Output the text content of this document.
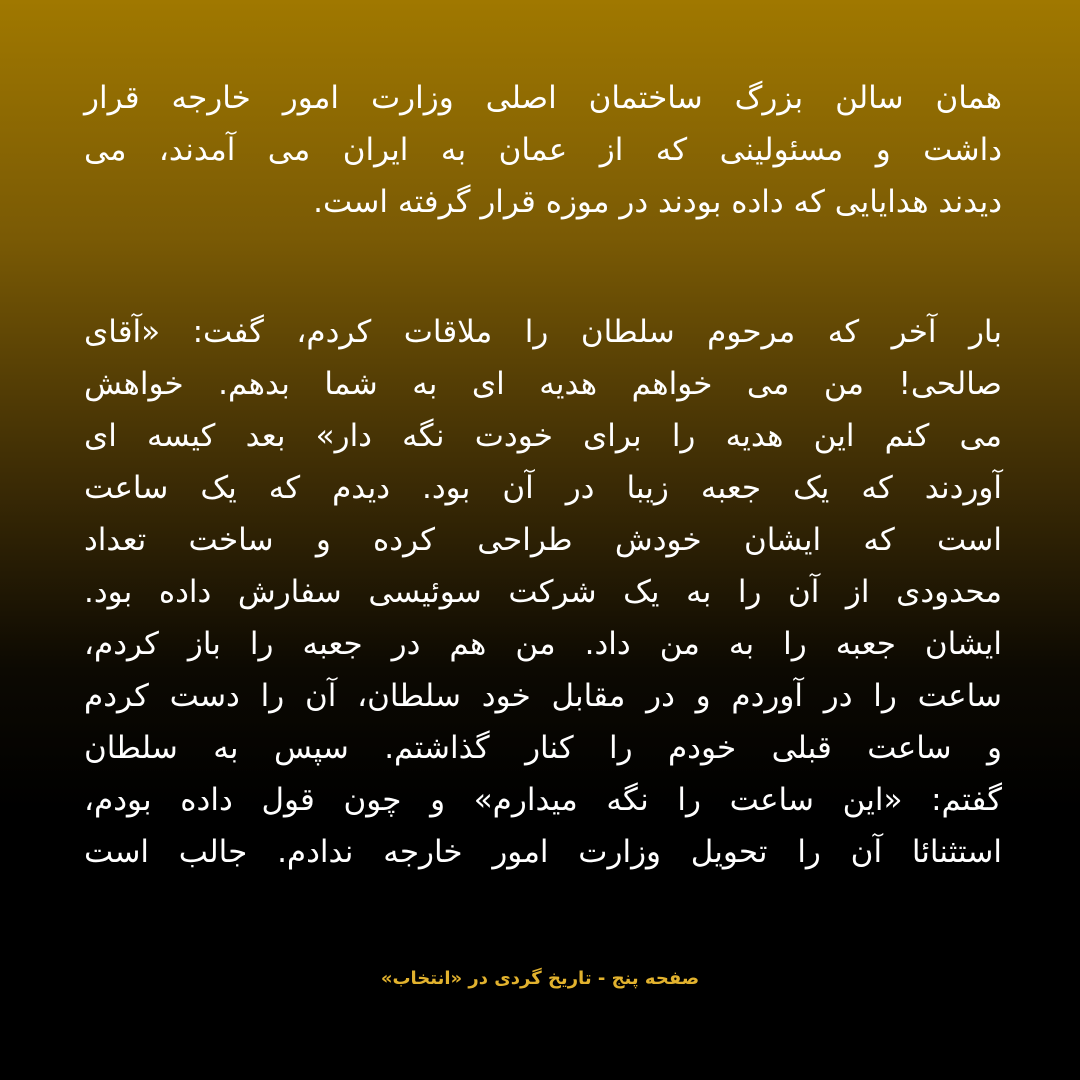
همان سالن بزرگ ساختمان اصلی وزارت امور خارجه قرار
داشت و مسئولینی که از عمان به ایران می آمدند، می
دیدند هدایایی که داده بودند در موزه قرار گرفته است.
بار آخر که مرحوم سلطان را ملاقات کردم، گفت: «آقای
صالحی! من می خواهم هدیه ای به شما بدهم. خواهش
می کنم این هدیه را برای خودت نگه دار» بعد کیسه ای
آوردند که یک جعبه زیبا در آن بود. دیدم که یک ساعت
است که ایشان خودش طراحی کرده و ساخت تعداد
محدودی از آن را به یک شرکت سوئیسی سفارش داده بود.
ایشان جعبه را به من داد. من هم در جعبه را باز کردم،
ساعت را در آوردم و در مقابل خود سلطان، آن را دست کردم
و ساعت قبلی خودم را کنار گذاشتم. سپس به سلطان
گفتم: «این ساعت را نگه میدارم» و چون قول داده بودم،
استثنائا آن را تحویل وزارت امور خارجه ندادم. جالب است
صفحه پنج - تاریخ گردی در «انتخاب»
